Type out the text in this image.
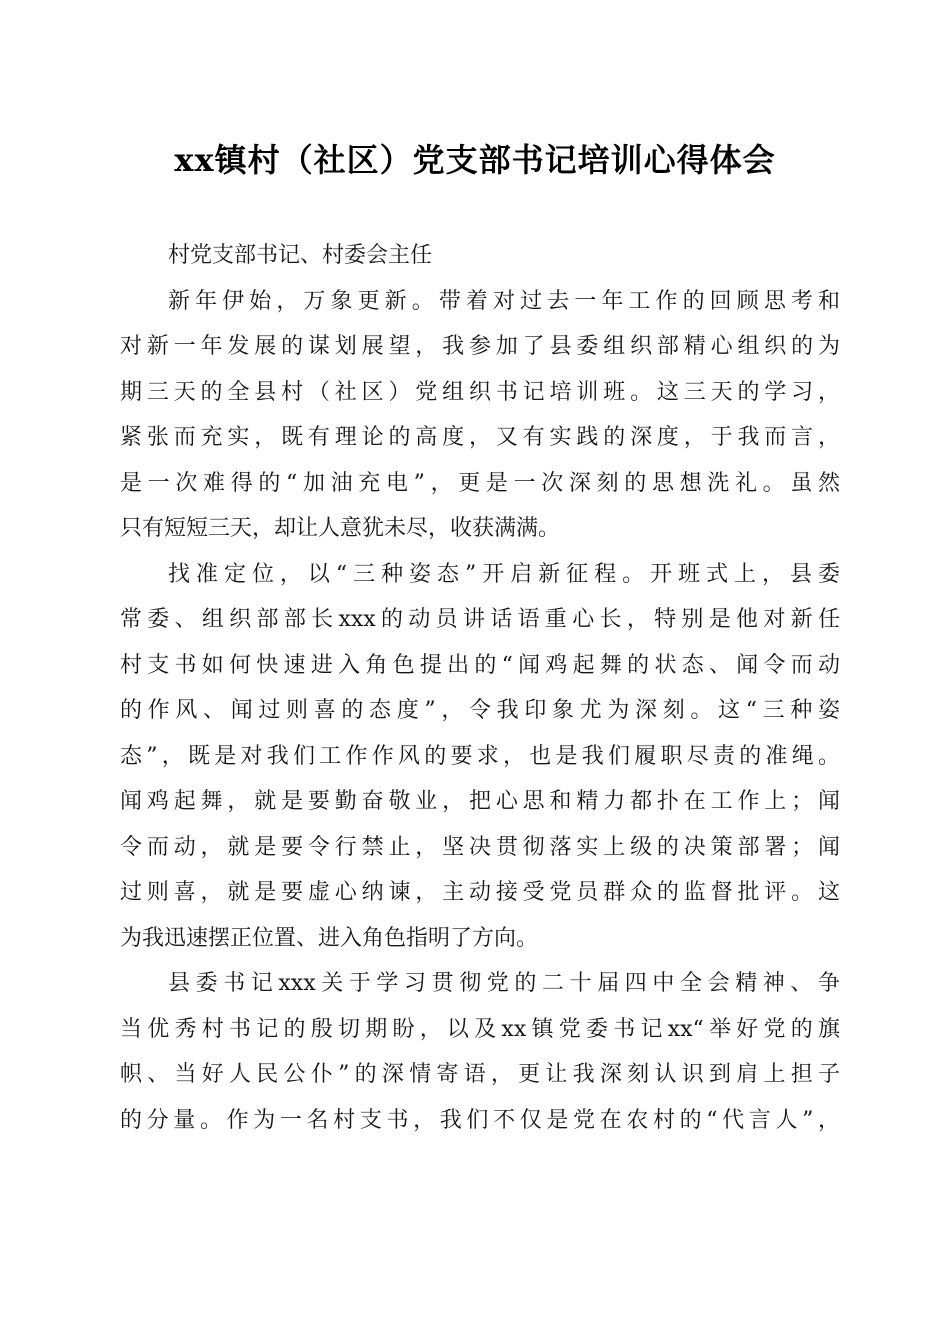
xx镇村（社区）党支部书记培训心得体会
村党支部书记、村委会主任
新年伊始，万象更新。带着对过去一年工作的回顾思考和
对新一年发展的谋划展望，我参加了县委组织部精心组织的为
期三天的全县村（社区）党组织书记培训班。这三天的学习，
紧张而充实，既有理论的高度，又有实践的深度，于我而言，
是一次难得的“加油充电”，更是一次深刻的思想洗礼。虽然
只有短短三天，却让人意犹未尽，收获满满。
找准定位，以“三种姿态”开启新征程。开班式上，县委
常委、组织部部长xxx的动员讲话语重心长，特别是他对新任
村支书如何快速进入角色提出的“闻鸡起舞的状态、闻令而动
的作风、闻过则喜的态度”，令我印象尤为深刻。这“三种姿
态”，既是对我们工作作风的要求，也是我们履职尽责的准绳。
闻鸡起舞，就是要勤奋敬业，把心思和精力都扑在工作上；闻
令而动，就是要令行禁止，坚决贯彻落实上级的决策部署；闻
过则喜，就是要虚心纳谏，主动接受党员群众的监督批评。这
为我迅速摆正位置、进入角色指明了方向。
县委书记xxx关于学习贯彻党的二十届四中全会精神、争
当优秀村书记的殷切期盼，以及xx镇党委书记xx“举好党的旗
帜、当好人民公仆”的深情寄语，更让我深刻认识到肩上担子
的分量。作为一名村支书，我们不仅是党在农村的“代言人”，
